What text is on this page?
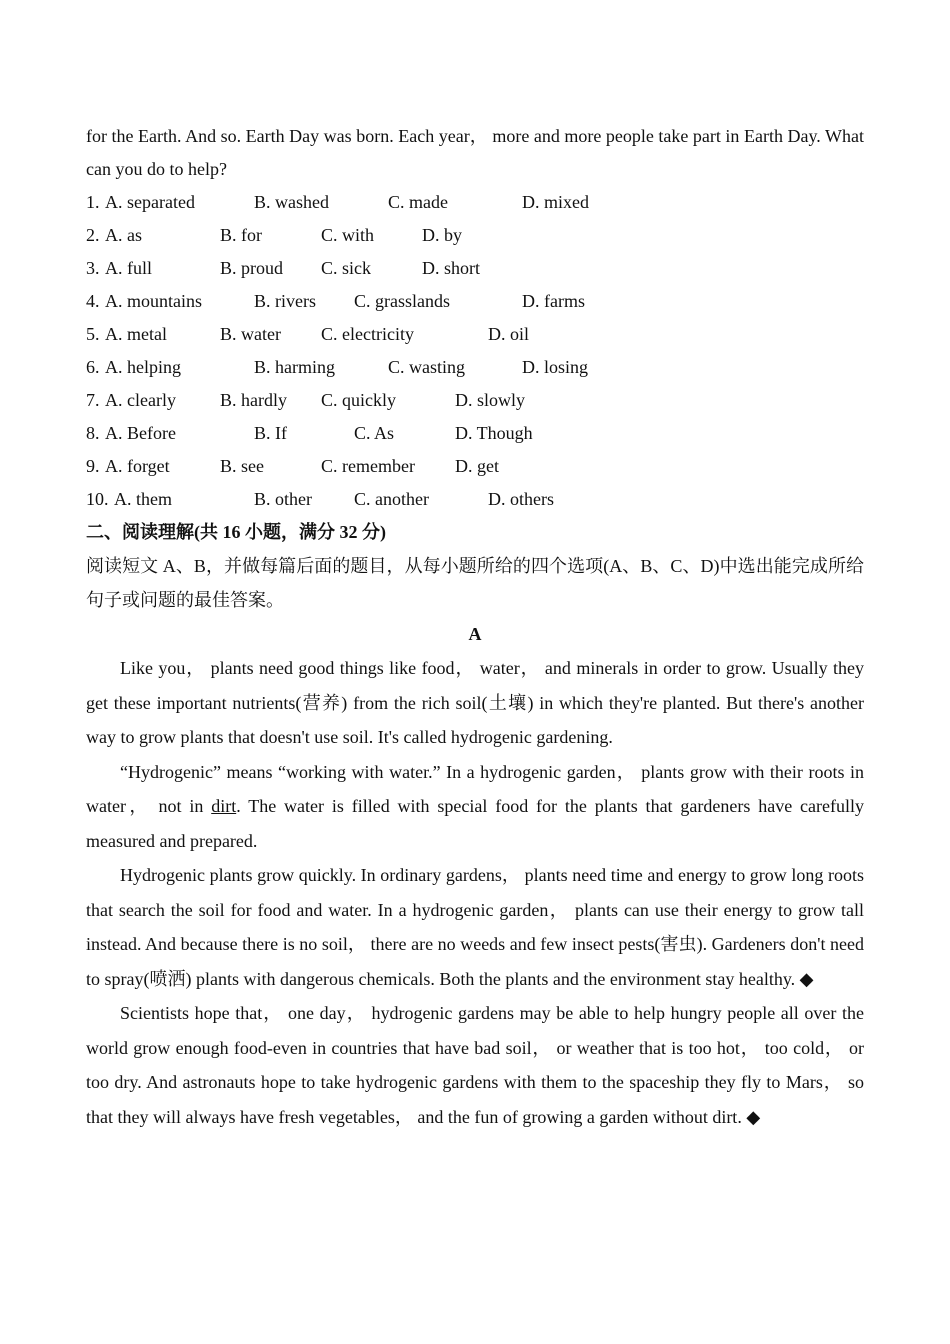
for the Earth. And so. Earth Day was born. Each year， more and more people take part in Earth Day. What can you do to help?
1. A. separated	B. washed	C. made	D. mixed
2. A. as	B. for	C. with	D. by
3. A. full	B. proud C. sick	D. short
4. A. mountains	B. rivers C. grasslands	D. farms
5. A. metal	B. water C. electricity	D. oil
6. A. helping	B. harming	C. wasting	D. losing
7. A. clearly B. hardly C. quickly	D. slowly
8. A. Before	B. If	C. As	D. Though
9. A. forget	B. see	C. remember D. get
10. A. them	B. other C. another	D. others
二、阅读理解(共 16 小题，满分 32 分)
阅读短文 A、B，并做每篇后面的题目，从每小题所给的四个选项(A、B、C、D)中选出能完成所给句子或问题的最佳答案。
A

Like you， plants need good things like food， water， and minerals in order to grow. Usually they get these important nutrients(营养) from the rich soil(土壤) in which they're planted. But there's another way to grow plants that doesn't use soil. It's called hydrogenic gardening.

“Hydrogenic” means “working with water.” In a hydrogenic garden， plants grow with their roots in water， not in dirt. The water is filled with special food for the plants that gardeners have carefully measured and prepared.

Hydrogenic plants grow quickly. In ordinary gardens， plants need time and energy to grow long roots that search the soil for food and water. In a hydrogenic garden， plants can use their energy to grow tall instead. And because there is no soil， there are no weeds and few insect pests(害虫). Gardeners don't need to spray(喷洒) plants with dangerous chemicals. Both the plants and the environment stay healthy. ◆

Scientists hope that， one day， hydrogenic gardens may be able to help hungry people all over the world grow enough food-even in countries that have bad soil， or weather that is too hot， too cold， or too dry. And astronauts hope to take hydrogenic gardens with them to the spaceship they fly to Mars， so that they will always have fresh vegetables， and the fun of growing a garden without dirt. ◆
